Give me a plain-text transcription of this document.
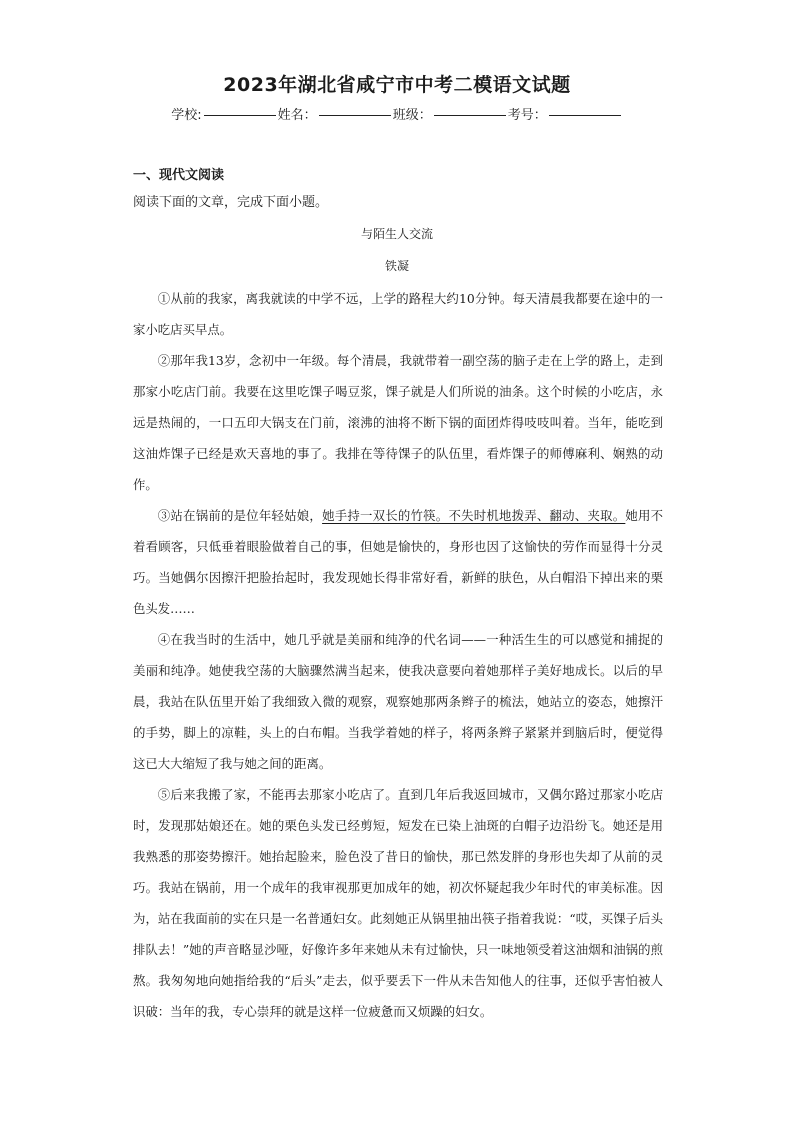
2023年湖北省咸宁市中考二模语文试题
学校:	姓名：	班级：	考号：
一、现代文阅读
阅读下面的文章，完成下面小题。
与陌生人交流
铁凝

①从前的我家，离我就读的中学不远，上学的路程大约10分钟。每天清晨我都要在途中的一家小吃店买早点。

②那年我13岁，念初中一年级。每个清晨，我就带着一副空荡的脑子走在上学的路上，走到那家小吃店门前。我要在这里吃馃子喝豆浆，馃子就是人们所说的油条。这个时候的小吃店，永远是热闹的，一口五印大锅支在门前，滚沸的油将不断下锅的面团炸得吱吱叫着。当年，能吃到这油炸馃子已经是欢天喜地的事了。我排在等待馃子的队伍里，看炸馃子的师傅麻利、娴熟的动作。

③站在锅前的是位年轻姑娘，她手持一双长的竹筷。不失时机地拨弄、翻动、夹取。她用不着看顾客，只低垂着眼脸做着自己的事，但她是愉快的，身形也因了这愉快的劳作而显得十分灵巧。当她偶尔因擦汗把脸抬起时，我发现她长得非常好看，新鲜的肤色，从白帽沿下掉出来的栗色头发……

④在我当时的生活中，她几乎就是美丽和纯净的代名词——一种活生生的可以感觉和捕捉的美丽和纯净。她使我空荡的大脑骤然满当起来，使我决意要向着她那样子美好地成长。以后的早晨，我站在队伍里开始了我细致入微的观察，观察她那两条辫子的梳法，她站立的姿态，她擦汗的手势，脚上的凉鞋，头上的白布帽。当我学着她的样子，将两条辫子紧紧并到脑后时，便觉得这已大大缩短了我与她之间的距离。

⑤后来我搬了家，不能再去那家小吃店了。直到几年后我返回城市，又偶尔路过那家小吃店时，发现那姑娘还在。她的栗色头发已经剪短，短发在已染上油斑的白帽子边沿纷飞。她还是用我熟悉的那姿势擦汗。她抬起脸来，脸色没了昔日的愉快，那已然发胖的身形也失却了从前的灵巧。我站在锅前，用一个成年的我审视那更加成年的她，初次怀疑起我少年时代的审美标准。因为，站在我面前的实在只是一名普通妇女。此刻她正从锅里抽出筷子指着我说：“哎，买馃子后头排队去！”她的声音略显沙哑，好像许多年来她从未有过愉快，只一味地领受着这油烟和油锅的煎熬。我匆匆地向她指给我的“后头”走去，似乎要丢下一件从未告知他人的往事，还似乎害怕被人识破：当年的我，专心崇拜的就是这样一位疲惫而又烦躁的妇女。
